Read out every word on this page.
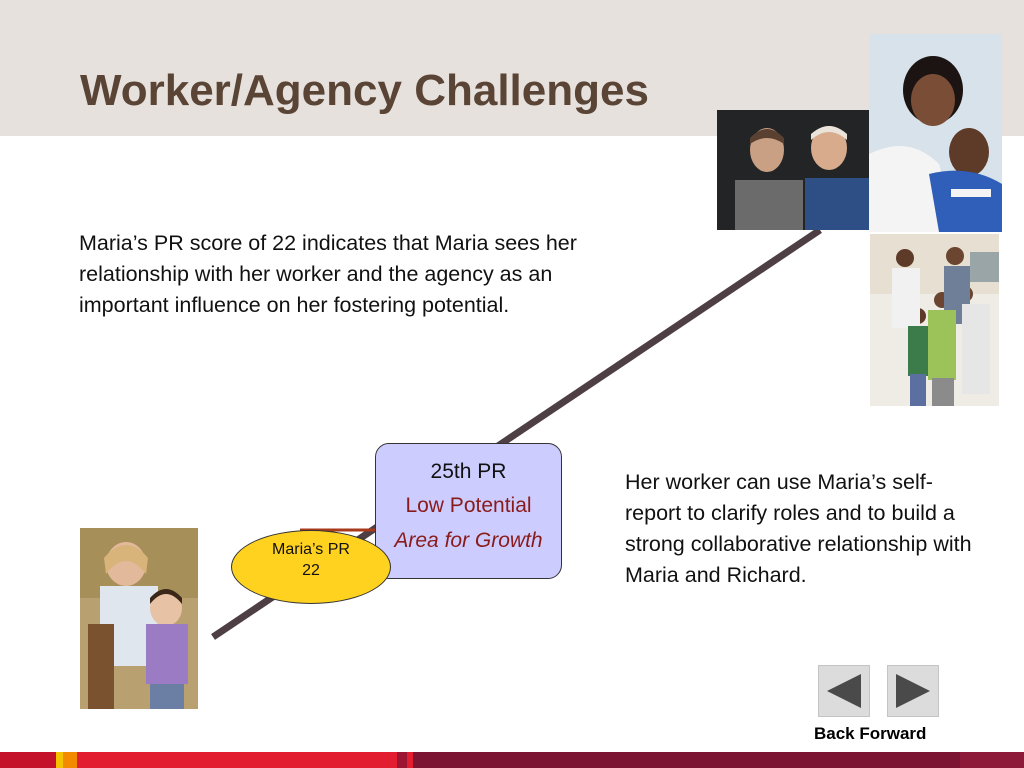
Worker/Agency Challenges
Maria’s PR score of 22 indicates that Maria sees her relationship with her worker and the agency as an important influence on her fostering potential.
Her worker can use Maria’s self-report to clarify roles and to build a strong collaborative relationship with Maria and Richard.
25th PR
Low Potential
Area for Growth
Maria’s PR
22
Back Forward
